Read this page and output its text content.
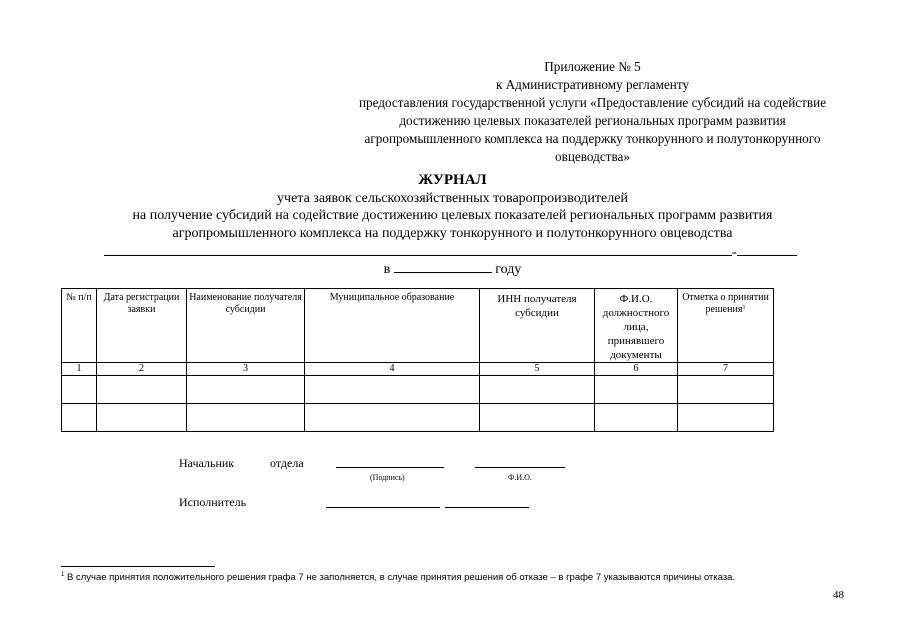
Приложение № 5
к Административному регламенту
предоставления государственной услуги «Предоставление субсидий на содействие
достижению целевых показателей региональных программ развития
агропромышленного комплекса на поддержку тонкорунного и полутонкорунного
овцеводства»
ЖУРНАЛ
учета заявок сельскохозяйственных товаропроизводителей
на получение субсидий на содействие достижению целевых показателей региональных программ развития
агропромышленного комплекса на поддержку тонкорунного и полутонкорунного овцеводства
-
в	году
№ п/п	Дата регистрации заявки	Наименование получателя субсидии	Муниципальное образование	ИНН получателя субсидии	Ф.И.О. должностного лица, принявшего документы	Отметка о принятии решения$^1$
1	2	3	4	5	6	7

Начальник	отдела
(Подпись)	Ф.И.О.
Исполнитель
$^1$ В случае принятия положительного решения графа 7 не заполняется, в случае принятия решения об отказе – в графе 7 указываются причины отказа.
48
